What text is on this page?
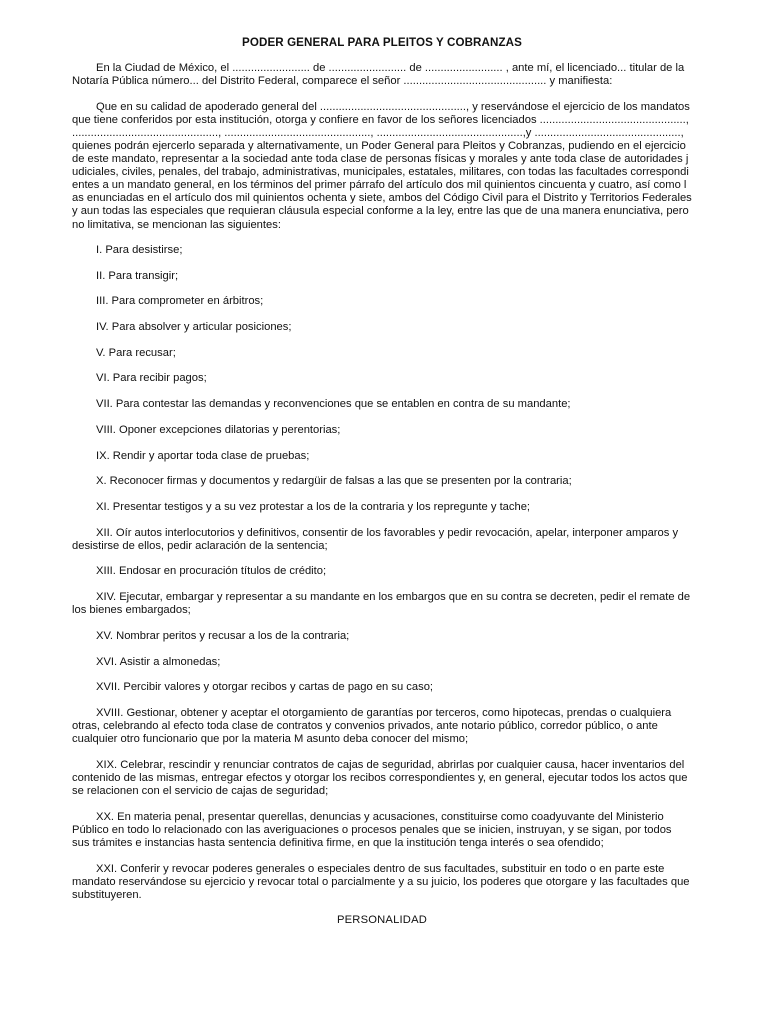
PODER GENERAL PARA PLEITOS Y COBRANZAS

En la Ciudad de México, el ......................... de ......................... de ......................... , ante mí, el licenciado... titular de la Notaría Pública número... del Distrito Federal, comparece el señor .............................................. y manifiesta:

Que en su calidad de apoderado general del ..............................................., y reservándose el ejercicio de los mandatos que tiene conferidos por esta institución, otorga y confiere en favor de los señores licenciados ..............................................., ..............................................., ..............................................., ...............................................,y ..............................................., quienes podrán ejercerlo separada y alternativamente, un Poder General para Pleitos y Cobranzas, pudiendo en el ejercicio de este mandato, representar a la sociedad ante toda clase de personas físicas y morales y ante toda clase de autoridades judiciales, civiles, penales, del trabajo, administrativas, municipales, estatales, militares, con todas las facultades correspondientes a un mandato general, en los términos del primer párrafo del artículo dos mil quinientos cincuenta y cuatro, así como las enunciadas en el artículo dos mil quinientos ochenta y siete, ambos del Código Civil para el Distrito y Territorios Federales y aun todas las especiales que requieran cláusula especial conforme a la ley, entre las que de una manera enunciativa, pero no limitativa, se mencionan las siguientes:

I. Para desistirse;

II. Para transigir;

III. Para comprometer en árbitros;

IV. Para absolver y articular posiciones;

V. Para recusar;

VI. Para recibir pagos;

VII. Para contestar las demandas y reconvenciones que se entablen en contra de su mandante;

VIII. Oponer excepciones dilatorias y perentorias;

IX. Rendir y aportar toda clase de pruebas;

X. Reconocer firmas y documentos y redargüir de falsas a las que se presenten por la contraria;

XI. Presentar testigos y a su vez protestar a los de la contraria y los repregunte y tache;

XII. Oír autos interlocutorios y definitivos, consentir de los favorables y pedir revocación, apelar, interponer amparos y desistirse de ellos, pedir aclaración de la sentencia;

XIII. Endosar en procuración títulos de crédito;

XIV. Ejecutar, embargar y representar a su mandante en los embargos que en su contra se decreten, pedir el remate de los bienes embargados;

XV. Nombrar peritos y recusar a los de la contraria;

XVI. Asistir a almonedas;

XVII. Percibir valores y otorgar recibos y cartas de pago en su caso;

XVIII. Gestionar, obtener y aceptar el otorgamiento de garantías por terceros, como hipotecas, prendas o cualquiera otras, celebrando al efecto toda clase de contratos y convenios privados, ante notario público, corredor público, o ante cualquier otro funcionario que por la materia M asunto deba conocer del mismo;

XIX. Celebrar, rescindir y renunciar contratos de cajas de seguridad, abrirlas por cualquier causa, hacer inventarios del contenido de las mismas, entregar efectos y otorgar los recibos correspondientes y, en general, ejecutar todos los actos que se relacionen con el servicio de cajas de seguridad;

XX. En materia penal, presentar querellas, denuncias y acusaciones, constituirse como coadyuvante del Ministerio Público en todo lo relacionado con las averiguaciones o procesos penales que se inicien, instruyan, y se sigan, por todos sus trámites e instancias hasta sentencia definitiva firme, en que la institución tenga interés o sea ofendido;

XXI. Conferir y revocar poderes generales o especiales dentro de sus facultades, substituir en todo o en parte este mandato reservándose su ejercicio y revocar total o parcialmente y a su juicio, los poderes que otorgare y las facultades que substituyeren.

PERSONALIDAD
